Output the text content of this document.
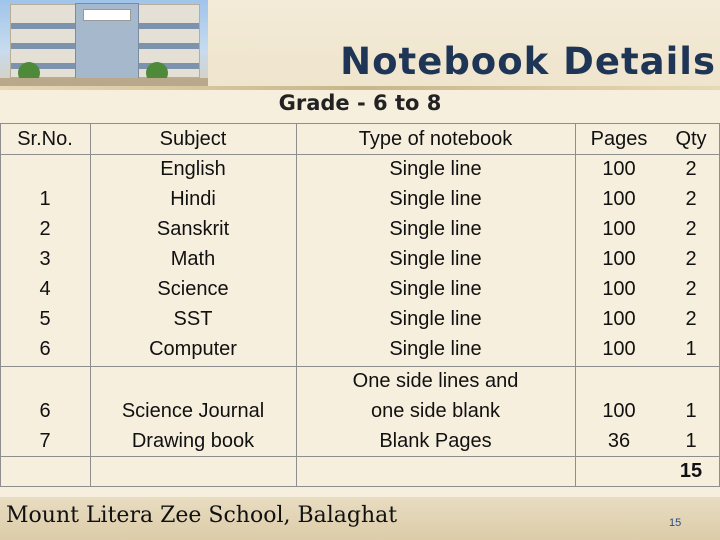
Notebook Details
Grade - 6 to 8
Sr.No.
1
2
3
4
5
6
6
7
Subject
English
Hindi
Sanskrit
Math
Science
SST
Computer
Science Journal
Drawing book
Type of notebook
Single line
Single line
Single line
Single line
Single line
Single line
Single line
One side lines and
one side blank
Blank Pages
Pages
100
100
100
100
100
100
100
100
36
Qty
2
2
2
2
2
2
1
1
1
15
Mount Litera Zee School, Balaghat	15
